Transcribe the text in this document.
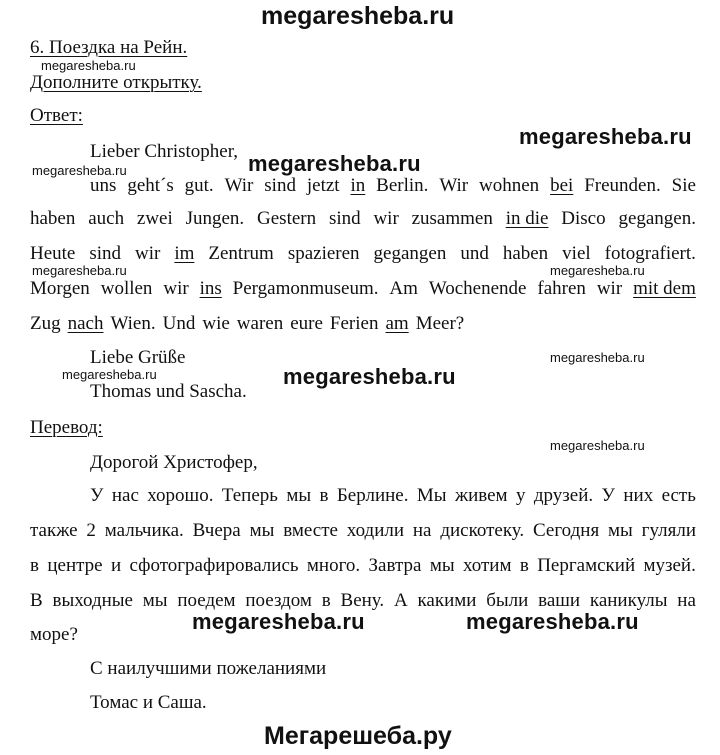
megaresheba.ru
6. Поездка на Рейн.
megaresheba.ru
Дополните открытку.
Ответ:
megaresheba.ru
Lieber Christopher, megaresheba.ru
megaresheba.ru
uns geht´s gut. Wir sind jetzt in Berlin. Wir wohnen bei Freunden. Sie
haben auch zwei Jungen. Gestern sind wir zusammen in die Disco gegangen.
Heute sind wir im Zentrum spazieren gegangen und haben viel fotografiert.
megaresheba.ru	megaresheba.ru
Morgen wollen wir ins Pergamonmuseum. Am Wochenende fahren wir mit dem
Zug nach Wien. Und wie waren eure Ferien am Meer?
Liebe Grüße	megaresheba.ru
megaresheba.ru	megaresheba.ru
Thomas und Sascha.
Перевод:
megaresheba.ru
Дорогой Христофер,
У нас хорошо. Теперь мы в Берлине. Мы живем у друзей. У них есть
также 2 мальчика. Вчера мы вместе ходили на дискотеку. Сегодня мы гуляли
в центре и сфотографировались много. Завтра мы хотим в Пергамский музей.
В выходные мы поедем поездом в Вену. А какими были ваши каникулы на
megaresheba.ru	megaresheba.ru
море?
С наилучшими пожеланиями
Томас и Саша.
Мегарешеба.ру
